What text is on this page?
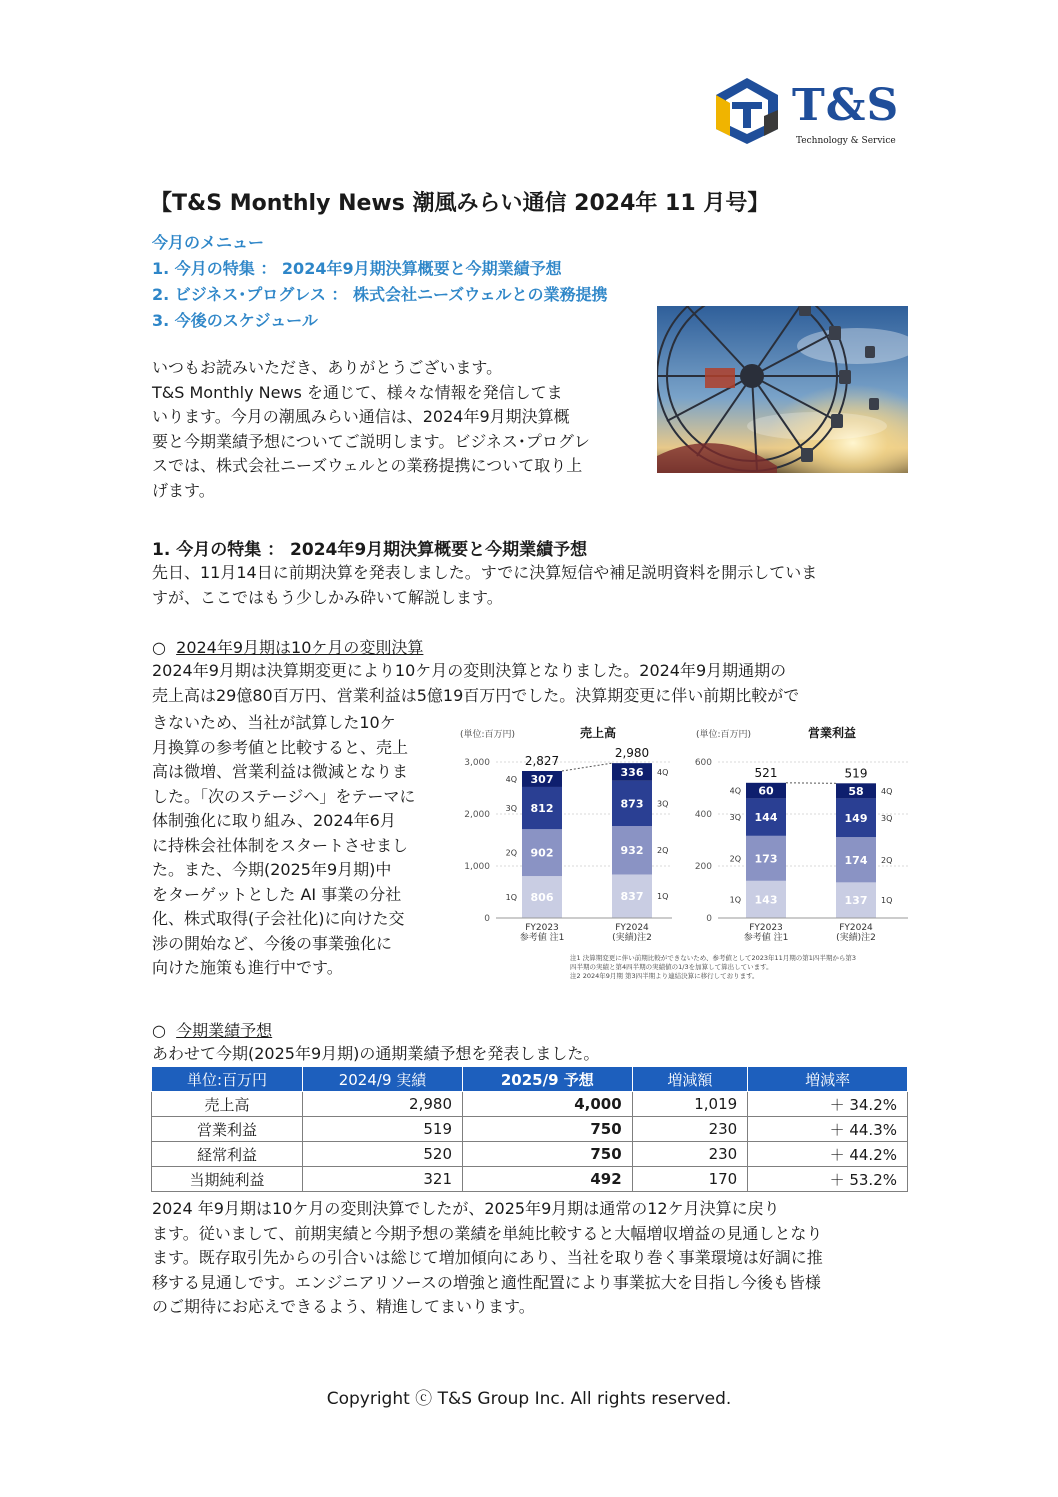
T&S
Technology & Service
【T&S Monthly News 潮風みらい通信 2024年 11 月号】
今月のメニュー
1. 今月の特集 ： 2024年9月期決算概要と今期業績予想
2. ビジネス･プログレス ： 株式会社ニーズウェルとの業務提携
3. 今後のスケジュール
いつもお読みいただき、ありがとうございます。
T&S Monthly News を通じて、様々な情報を発信してま
いります。今月の潮風みらい通信は、2024年9月期決算概
要と今期業績予想についてご説明します。ビジネス･プログレ
スでは、株式会社ニーズウェルとの業務提携について取り上
げます。
1. 今月の特集 ： 2024年9月期決算概要と今期業績予想
先日、11月14日に前期決算を発表しました。すでに決算短信や補足説明資料を開示していま
すが、ここではもう少しかみ砕いて解説します。
○ 2024年9月期は10ケ月の変則決算
2024年9月期は決算期変更により10ケ月の変則決算となりました。2024年9月期通期の
売上高は29億80百万円、営業利益は5億19百万円でした。決算期変更に伴い前期比較がで
きないため、当社が試算した10ケ
月換算の参考値と比較すると、売上
高は微増、営業利益は微減となりま
した。「次のステージへ」をテーマに
体制強化に取り組み、2024年6月
に持株会社体制をスタートさせまし
た。また、今期(2025年9月期)中
をターゲットとした AI 事業の分社
化、株式取得(子会社化)に向けた交
渉の開始など、今後の事業強化に
向けた施策も進行中です。
(単位:百万円)	売上高
0
1,000
2,000
3,000
806
1Q
902
2Q
812
3Q
307
4Q
2,827
FY2023
参考値 注1
837 1Q
932 2Q
873 3Q
336 4Q
2,980
FY2024
(実績)注2
(単位:百万円)	営業利益
0
200
400
600
143
1Q
173
2Q
144
3Q
60
4Q
521
FY2023
参考値 注1
137 1Q
174 2Q
149 3Q
58 4Q
519
FY2024
(実績)注2
注1 決算期変更に伴い前期比較ができないため、参考値として2023年11月期の第1四半期から第3
四半期の実績と第4四半期の実績値の1/3を加算して算出しています。
注2 2024年9月期 第3四半期より連結決算に移行しております。
○ 今期業績予想
あわせて今期(2025年9月期)の通期業績予想を発表しました。
単位:百万円	2024/9 実績	2025/9 予想	増減額	増減率
売上高	2,980	4,000	1,019	＋ 34.2%
営業利益	519	750	230	＋ 44.3%
経常利益	520	750	230	＋ 44.2%
当期純利益	321	492	170	＋ 53.2%
2024 年9月期は10ケ月の変則決算でしたが、2025年9月期は通常の12ケ月決算に戻り
ます。従いまして、前期実績と今期予想の業績を単純比較すると大幅増収増益の見通しとなり
ます。既存取引先からの引合いは総じて増加傾向にあり、当社を取り巻く事業環境は好調に推
移する見通しです。エンジニアリソースの増強と適性配置により事業拡大を目指し今後も皆様
のご期待にお応えできるよう、精進してまいります。
Copyright ⓒ T&S Group Inc. All rights reserved.
